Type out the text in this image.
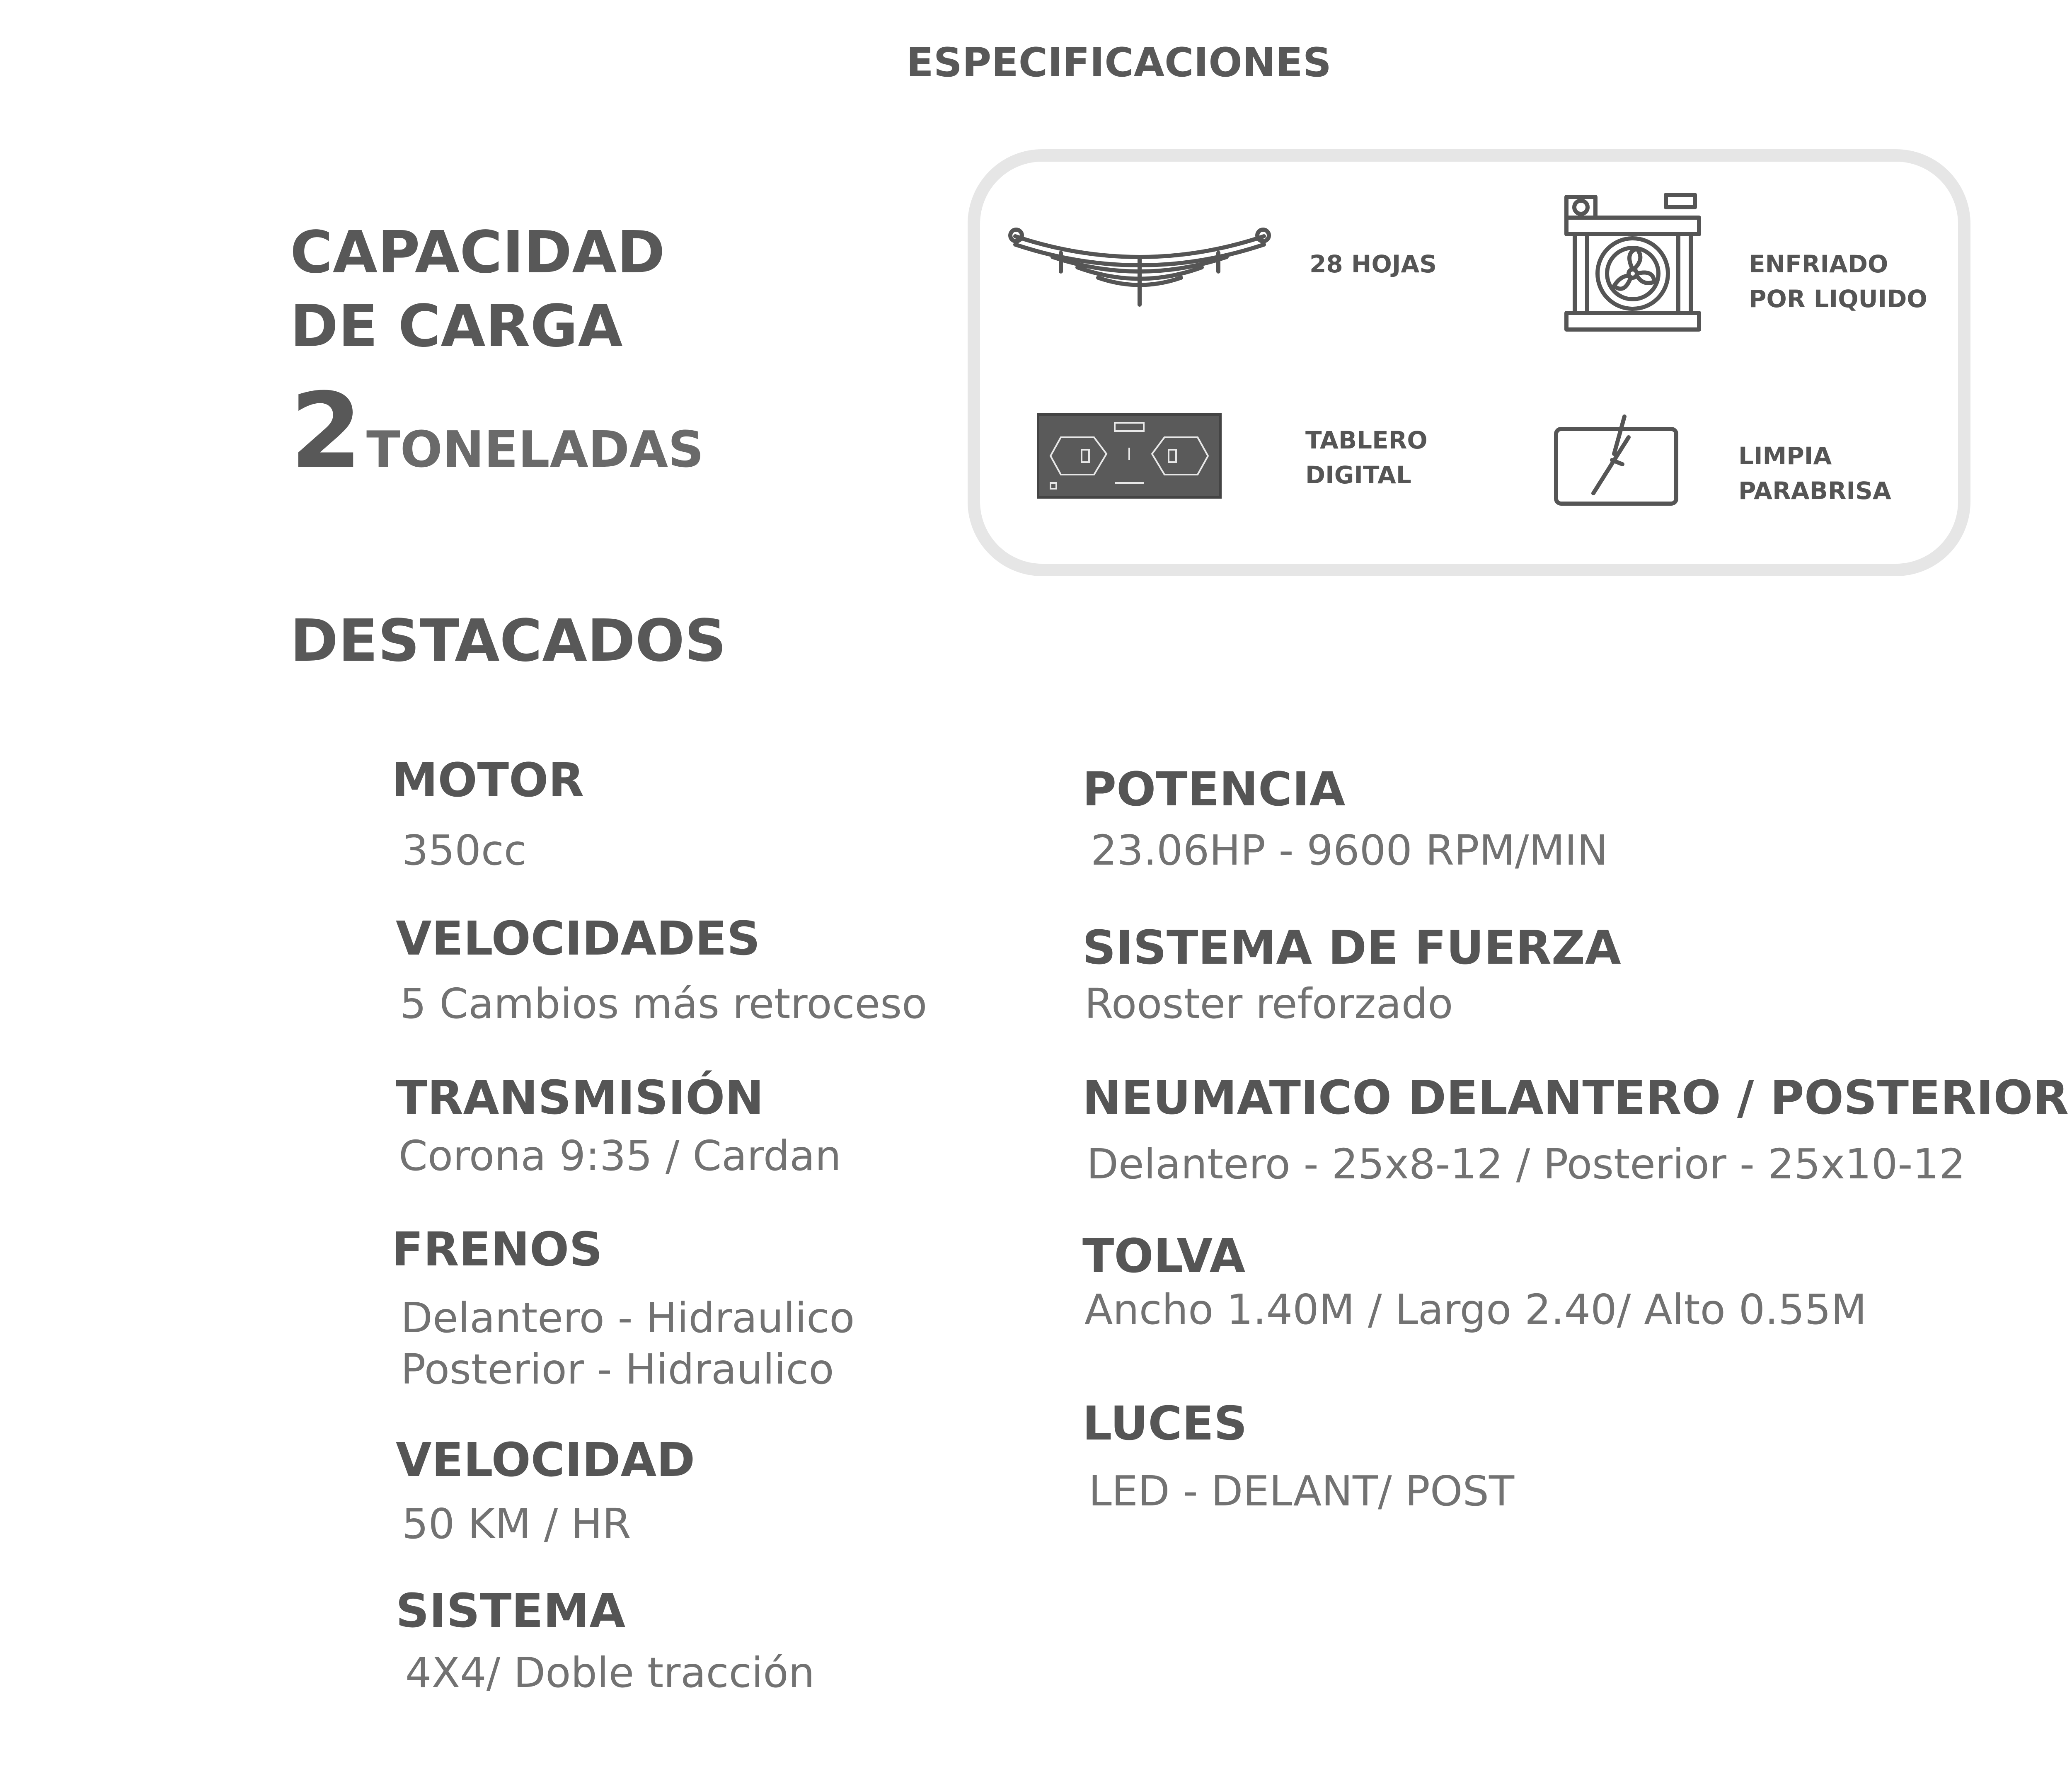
ESPECIFICACIONES
CAPACIDAD
DE CARGA
2TONELADAS
28 HOJAS	ENFRIADO
POR LIQUIDO
TABLERO
DIGITAL
LIMPIA
PARABRISA
DESTACADOS
MOTOR
350cc
VELOCIDADES
5 Cambios más retroceso
TRANSMISIÓN
Corona 9:35 / Cardan
FRENOS
Delantero - Hidraulico
Posterior - Hidraulico
VELOCIDAD
50 KM / HR
SISTEMA
4X4/ Doble tracción
POTENCIA
23.06HP - 9600 RPM/MIN
SISTEMA DE FUERZA
Rooster reforzado
NEUMATICO DELANTERO / POSTERIOR
Delantero - 25x8-12 / Posterior - 25x10-12
TOLVA
Ancho 1.40M / Largo 2.40/ Alto 0.55M
LUCES
LED - DELANT/ POST
